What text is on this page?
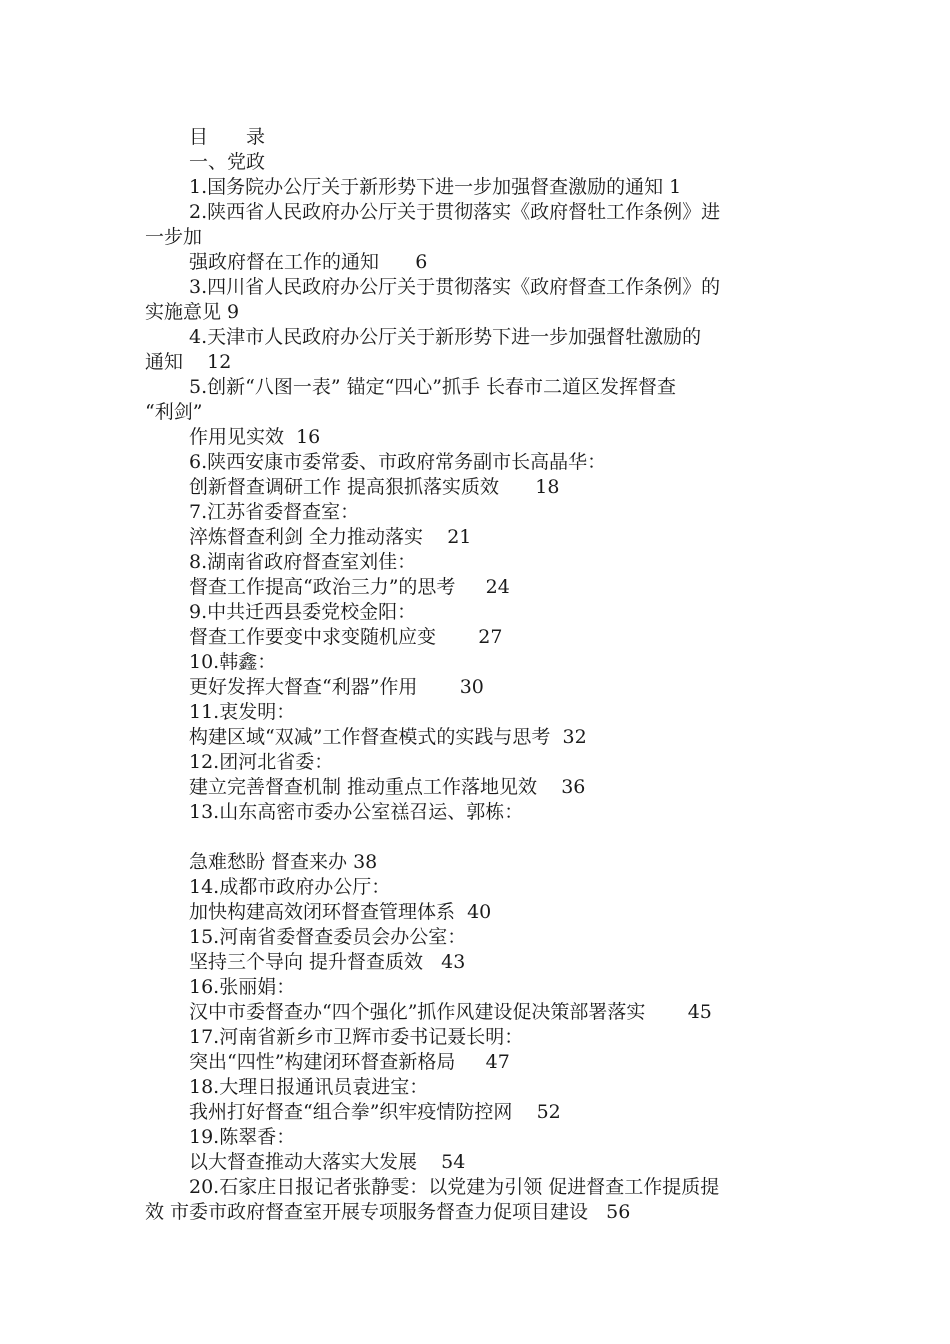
目 录
一、党政
1.国务院办公厅关于新形势下进一步加强督查激励的通知 1
2.陕西省人民政府办公厅关于贯彻落实《政府督牡工作条例》进
一步加
强政府督在工作的通知      6
3.四川省人民政府办公厅关于贯彻落实《政府督查工作条例》的
实施意见 9
4.天津市人民政府办公厅关于新形势下进一步加强督牡激励的
通知    12
5.创新“八图一表” 锚定“四心”抓手 长春市二道区发挥督查
“利剑”
作用见实效  16
6.陕西安康市委常委、市政府常务副市长高晶华：
创新督查调研工作 提高狠抓落实质效      18
7.江苏省委督查室：
淬炼督查利剑 全力推动落实    21
8.湖南省政府督查室刘佳：
督查工作提高“政治三力”的思考     24
9.中共迁西县委党校金阳：
督查工作要变中求变随机应变       27
10.韩鑫：
更好发挥大督查“利器”作用       30
11.衷发明：
构建区域“双减”工作督查模式的实践与思考  32
12.团河北省委：
建立完善督查机制 推动重点工作落地见效    36
13.山东高密市委办公室禚召运、郭栋：
急难愁盼 督查来办 38
14.成都市政府办公厅：
加快构建高效闭环督查管理体系  40
15.河南省委督查委员会办公室：
坚持三个导向 提升督查质效   43
16.张丽娟：
汉中市委督查办“四个强化”抓作风建设促决策部署落实       45
17.河南省新乡市卫辉市委书记聂长明：
突出“四性”构建闭环督查新格局     47
18.大理日报通讯员袁进宝：
我州打好督查“组合拳”织牢疫情防控网    52
19.陈翠香：
以大督查推动大落实大发展    54
20.石家庄日报记者张静雯：以党建为引领 促进督查工作提质提
效 市委市政府督查室开展专项服务督查力促项目建设   56
